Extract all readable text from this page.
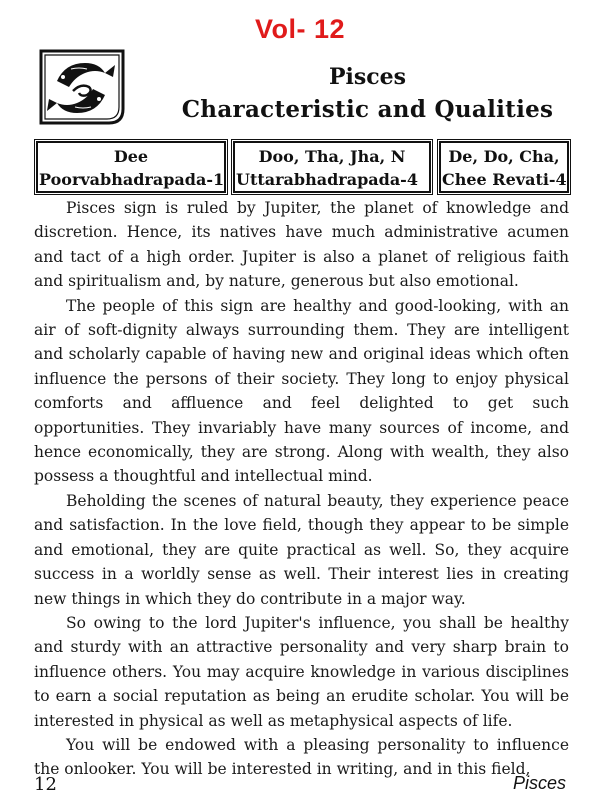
Vol- 12
Pisces
Characteristic and Qualities
Dee
Poorvabhadrapada-1
Doo, Tha, Jha, N
Uttarabhadrapada-4
De, Do, Cha,
Chee Revati-4

Pisces sign is ruled by Jupiter, the planet of knowledge and discretion. Hence, its natives have much administrative acumen and tact of a high order. Jupiter is also a planet of religious faith and spiritualism and, by nature, generous but also emotional.

The people of this sign are healthy and good-looking, with an air of soft-dignity always surrounding them. They are intelligent and scholarly capable of having new and original ideas which often influence the persons of their society. They long to enjoy physical comforts and affluence and feel delighted to get such opportunities. They invariably have many sources of income, and hence economically, they are strong. Along with wealth, they also possess a thoughtful and intellectual mind.

Beholding the scenes of natural beauty, they experience peace and satisfaction. In the love field, though they appear to be simple and emotional, they are quite practical as well. So, they acquire success in a worldly sense as well. Their interest lies in creating new things in which they do contribute in a major way.

So owing to the lord Jupiter's influence, you shall be healthy and sturdy with an attractive personality and very sharp brain to influence others. You may acquire knowledge in various disciplines to earn a social reputation as being an erudite scholar. You will be interested in physical as well as metaphysical aspects of life.

You will be endowed with a pleasing personality to influence the onlooker. You will be interested in writing, and in this field,

12	Pisces
